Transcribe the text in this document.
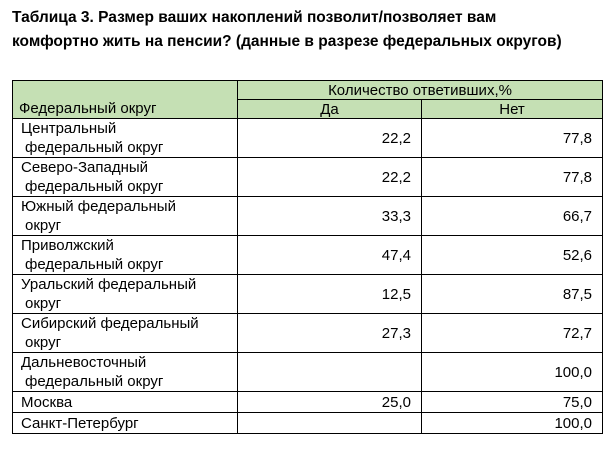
Таблица 3. Размер ваших накоплений позволит/позволяет вам
комфортно жить на пенсии? (данные в разрезе федеральных округов)
Федеральный округ	Количество ответивших,%	
	Да	Нет

Центральный
федеральный округ	22,2	77,8

Северо-Западный
федеральный округ	22,2	77,8

Южный федеральный
округ	33,3	66,7

Приволжский
федеральный округ	47,4	52,6

Уральский федеральный
округ	12,5	87,5

Сибирский федеральный
округ	27,3	72,7

Дальневосточный
федеральный округ		100,0

Москва	25,0	75,0

Санкт-Петербург		100,0
